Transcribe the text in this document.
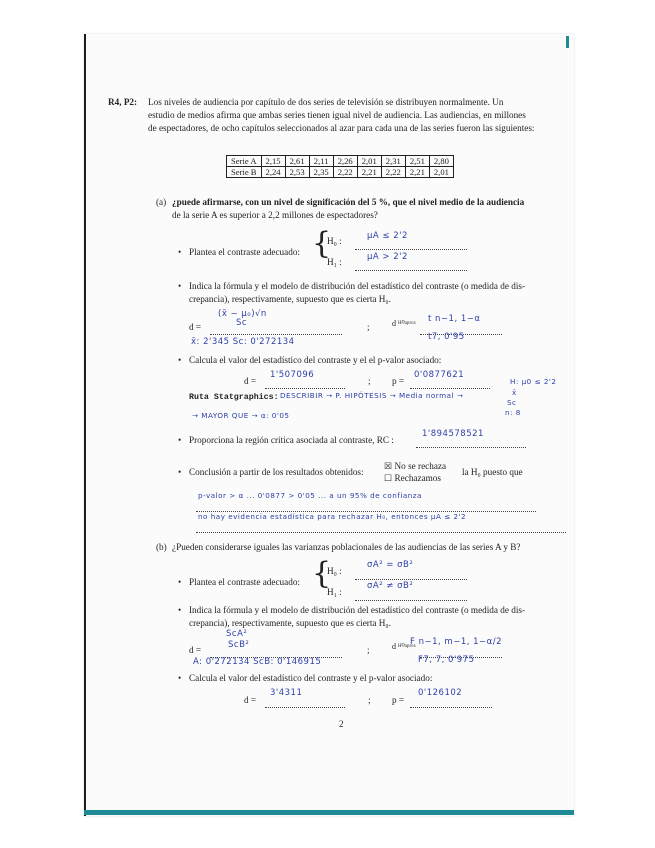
R4, P2: Los niveles de audiencia por capítulo de dos series de televisión se distribuyen normalmente. Un
estudio de medios afirma que ambas series tienen igual nivel de audiencia. Las audiencias, en millones
de espectadores, de ocho capítulos seleccionados al azar para cada una de las series fueron las siguientes:
Serie A	2,15	2,61	2,11	2,26	2,01	2,31	2,51	2,80
Serie B	2,24	2,53	2,35	2,22	2,21	2,22	2,21	2,01
(a) ¿puede afirmarse, con un nivel de significación del 5 %, que el nivel medio de la audiencia
de la serie A es superior a 2,2 millones de espectadores?
• Plantea el contraste adecuado: {
H₀ :	μA ≤ 2'2
H₁ :	μA > 2'2
• Indica la fórmula y el modelo de distribución del estadístico del contraste (o medida de dis-
crepancia), respectivamente, supuesto que es cierta H₀.
(x̄ − μ₀)√n
d =	Sc	;	d ᴴ⁰ᵃᵖʳᵒˣ t n−1, 1−α
t7, 0'95
x̄: 2'345 Sc: 0'272134
• Calcula el valor del estadístico del contraste y el el p-valor asociado:
d =
1'507096
; p =
0'0877621
H: μ0 ≤ 2'2
x̄
Sc
n: 8
Ruta Statgraphics: DESCRIBIR → P. HIPÓTESIS → Media normal →
→ MAYOR QUE → α: 0'05
• Proporciona la región crítica asociada al contraste, RC :
1'894578521
• Conclusión a partir de los resultados obtenidos:
☒ No se rechaza
☐ Rechazamos
la H₀ puesto que
p-valor > α ... 0'0877 > 0'05 ... a un 95% de confianza
no hay evidencia estadística para rechazar H₀, entonces μA ≤ 2'2
(b) ¿Pueden considerarse iguales las varianzas poblacionales de las audiencias de las series A y B?
• Plantea el contraste adecuado: {
H₀ :
σA² = σB²
H₁ :
σA² ≠ σB²
• Indica la fórmula y el modelo de distribución del estadístico del contraste (o medida de dis-
crepancia), respectivamente, supuesto que es cierta H₀.
ScA²
d =	ScB²	;	d ᴴ⁰ᵃᵖʳᵒˣ
F n−1, m−1, 1−α/2
F7, 7, 0'975
A: 0'272134 ScB: 0'146915
• Calcula el valor del estadístico del contraste y el p-valor asociado:
d =
3'4311
; p =
0'126102
2
